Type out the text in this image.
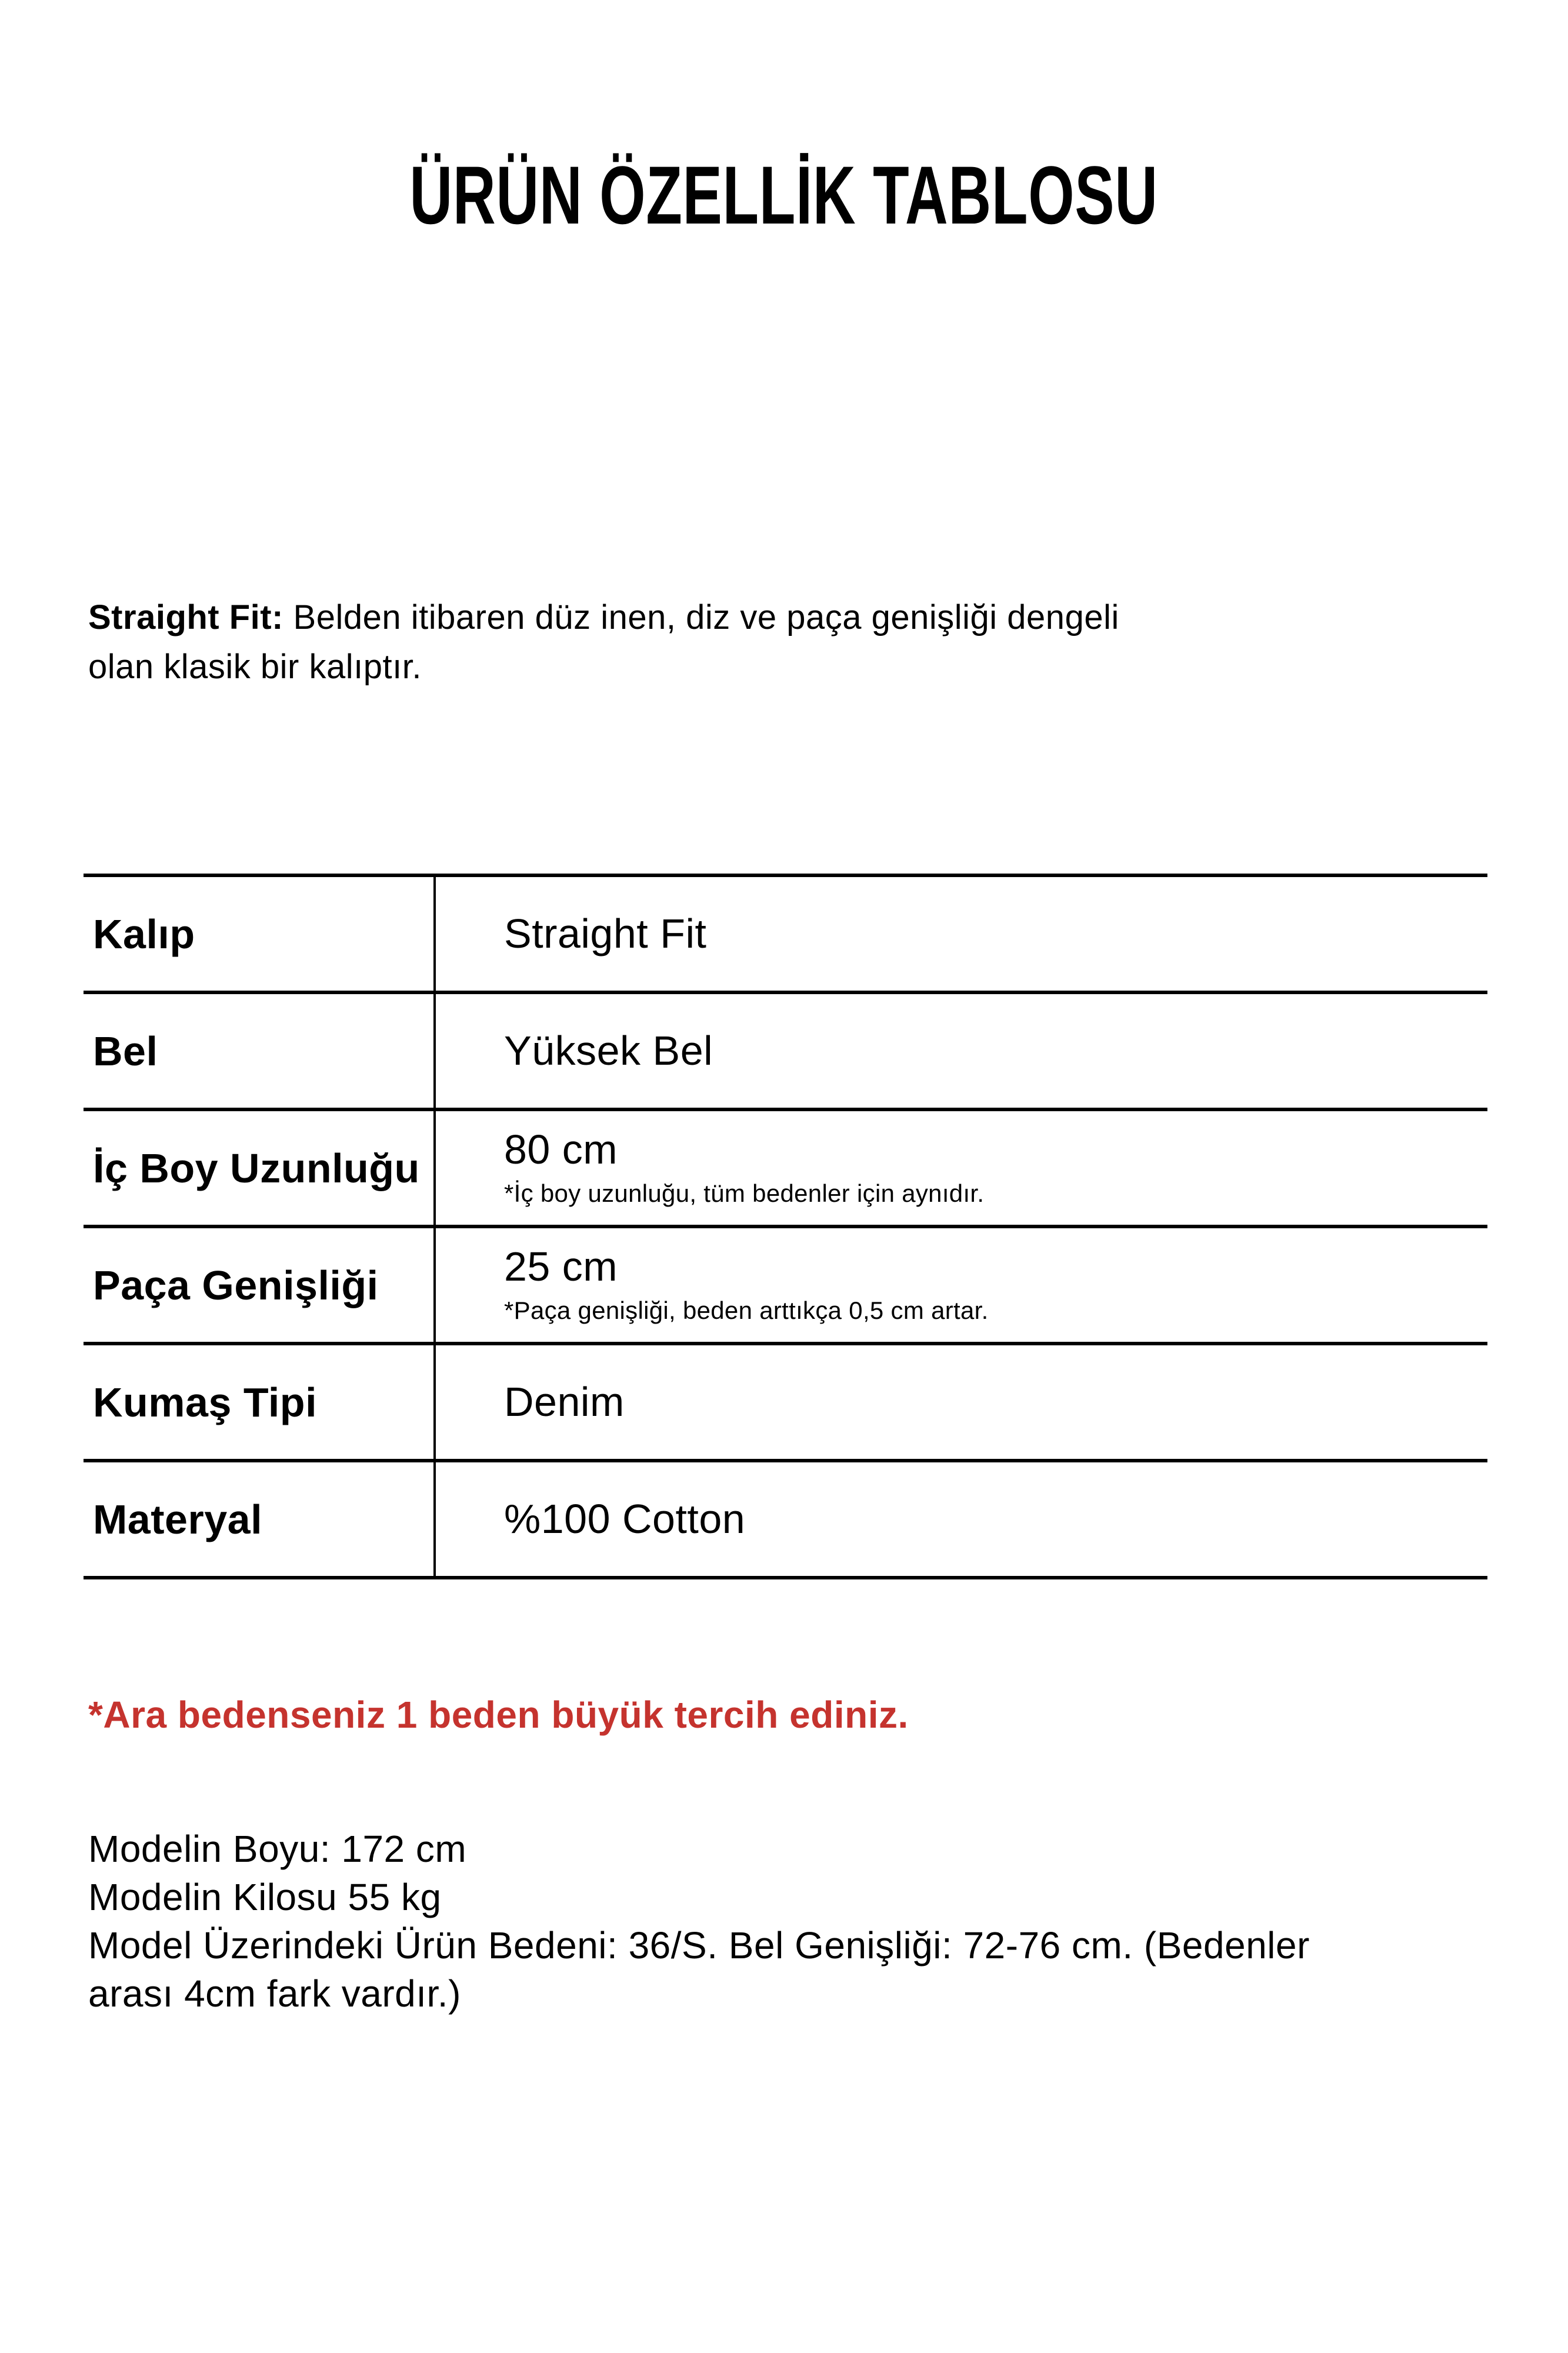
ÜRÜN ÖZELLİK TABLOSU

Straight Fit: Belden itibaren düz inen, diz ve paça genişliği dengeli
olan klasik bir kalıptır.

Kalıp	Straight Fit
Bel	Yüksek Bel
İç Boy Uzunluğu	80 cm
*İç boy uzunluğu, tüm bedenler için aynıdır.
Paça Genişliği	25 cm
*Paça genişliği, beden arttıkça 0,5 cm artar.
Kumaş Tipi	Denim
Materyal	%100 Cotton

*Ara bedenseniz 1 beden büyük tercih ediniz.

Modelin Boyu: 172 cm
Modelin Kilosu 55 kg
Model Üzerindeki Ürün Bedeni: 36/S. Bel Genişliği: 72-76 cm. (Bedenler
arası 4cm fark vardır.)
